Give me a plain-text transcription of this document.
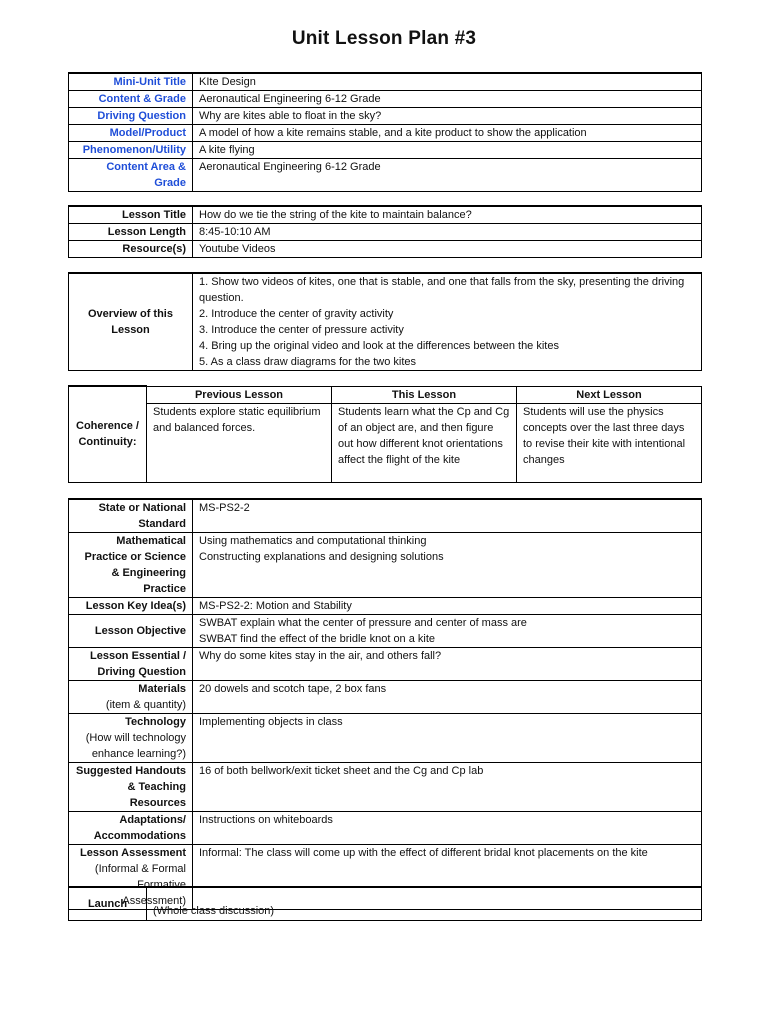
Unit Lesson Plan #3
Mini-Unit Title	KIte Design
Content & Grade	Aeronautical Engineering 6-12 Grade
Driving Question	Why are kites able to float in the sky?
Model/Product	A model of how a kite remains stable, and a kite product to show the application
Phenomenon/Utility	A kite flying
Content Area & Grade	Aeronautical Engineering 6-12 Grade
Lesson Title	How do we tie the string of the kite to maintain balance?
Lesson Length	8:45-10:10 AM
Resource(s)	Youtube Videos
Overview of this Lesson	1. Show two videos of kites, one that is stable, and one that falls from the sky, presenting the driving question.
2. Introduce the center of gravity activity
3. Introduce the center of pressure activity
4. Bring up the original video and look at the differences between the kites
5. As a class draw diagrams for the two kites
Coherence / Continuity:	Previous Lesson	This Lesson	Next Lesson
	Students explore static equilibrium and balanced forces.	Students learn what the Cp and Cg of an object are, and then figure out how different knot orientations affect the flight of the kite	Students will use the physics concepts over the last three days to revise their kite with intentional changes
State or National Standard	MS-PS2-2
Mathematical Practice or Science & Engineering Practice	Using mathematics and computational thinking
Constructing explanations and designing solutions
Lesson Key Idea(s)	MS-PS2-2: Motion and Stability
Lesson Objective	SWBAT explain what the center of pressure and center of mass are
SWBAT find the effect of the bridle knot on a kite
Lesson Essential / Driving Question	Why do some kites stay in the air, and others fall?

Materials
(item & quantity)	20 dowels and scotch tape, 2 box fans

Technology
(How will technology enhance learning?)	Implementing objects in class
Suggested Handouts & Teaching Resources	16 of both bellwork/exit ticket sheet and the Cg and Cp lab
Adaptations/ Accommodations	Instructions on whiteboards

Lesson Assessment
(Informal & Formal Formative Assessment)	Informal: The class will come up with the effect of different bridal knot placements on the kite
Launch	(Whole class discussion)
